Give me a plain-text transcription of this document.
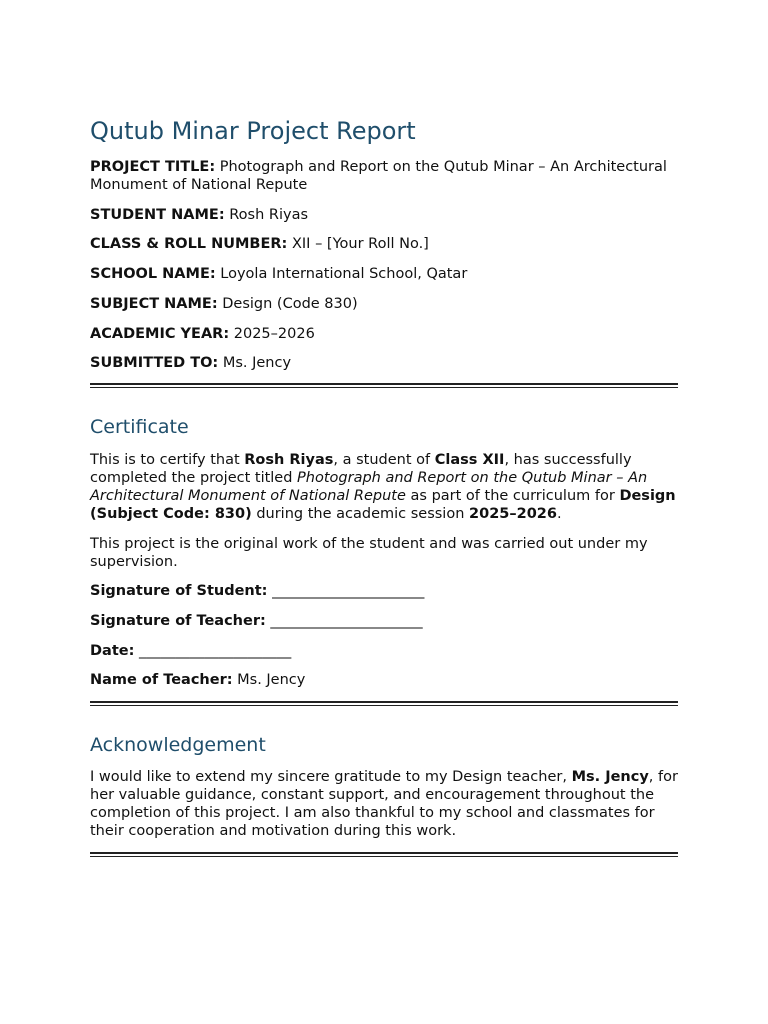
Qutub Minar Project Report

PROJECT TITLE: Photograph and Report on the Qutub Minar – An Architectural Monument of National Repute

STUDENT NAME: Rosh Riyas

CLASS & ROLL NUMBER: XII – [Your Roll No.]

SCHOOL NAME: Loyola International School, Qatar

SUBJECT NAME: Design (Code 830)

ACADEMIC YEAR: 2025–2026

SUBMITTED TO: Ms. Jency

Certificate

This is to certify that Rosh Riyas, a student of Class XII, has successfully completed the project titled Photograph and Report on the Qutub Minar – An Architectural Monument of National Repute as part of the curriculum for Design (Subject Code: 830) during the academic session 2025–2026.

This project is the original work of the student and was carried out under my supervision.

Signature of Student: _____________________

Signature of Teacher: _____________________

Date: _____________________

Name of Teacher: Ms. Jency

Acknowledgement

I would like to extend my sincere gratitude to my Design teacher, Ms. Jency, for her valuable guidance, constant support, and encouragement throughout the completion of this project. I am also thankful to my school and classmates for their cooperation and motivation during this work.
